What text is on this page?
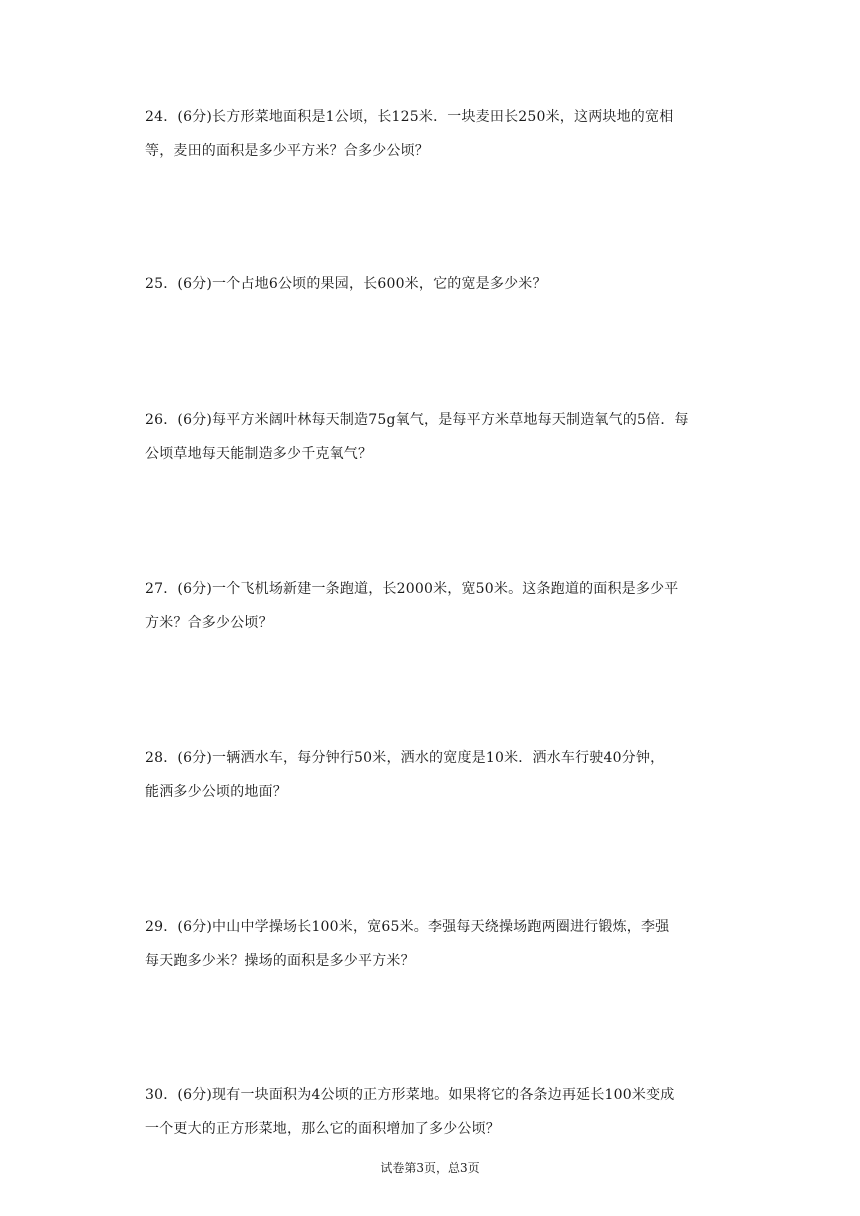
24．(6分)长方形菜地面积是1公顷，长125米．一块麦田长250米，这两块地的宽相
等，麦田的面积是多少平方米？合多少公顷？
25．(6分)一个占地6公顷的果园，长600米，它的宽是多少米？
26．(6分)每平方米阔叶林每天制造75g氧气，是每平方米草地每天制造氧气的5倍．每
公顷草地每天能制造多少千克氧气？
27．(6分)一个飞机场新建一条跑道，长2000米，宽50米。这条跑道的面积是多少平
方米？合多少公顷？
28．(6分)一辆洒水车，每分钟行50米，洒水的宽度是10米．洒水车行驶40分钟，
能洒多少公顷的地面？
29．(6分)中山中学操场长100米，宽65米。李强每天绕操场跑两圈进行锻炼，李强
每天跑多少米？操场的面积是多少平方米？
30．(6分)现有一块面积为4公顷的正方形菜地。如果将它的各条边再延长100米变成
一个更大的正方形菜地，那么它的面积增加了多少公顷？
试卷第3页，总3页
